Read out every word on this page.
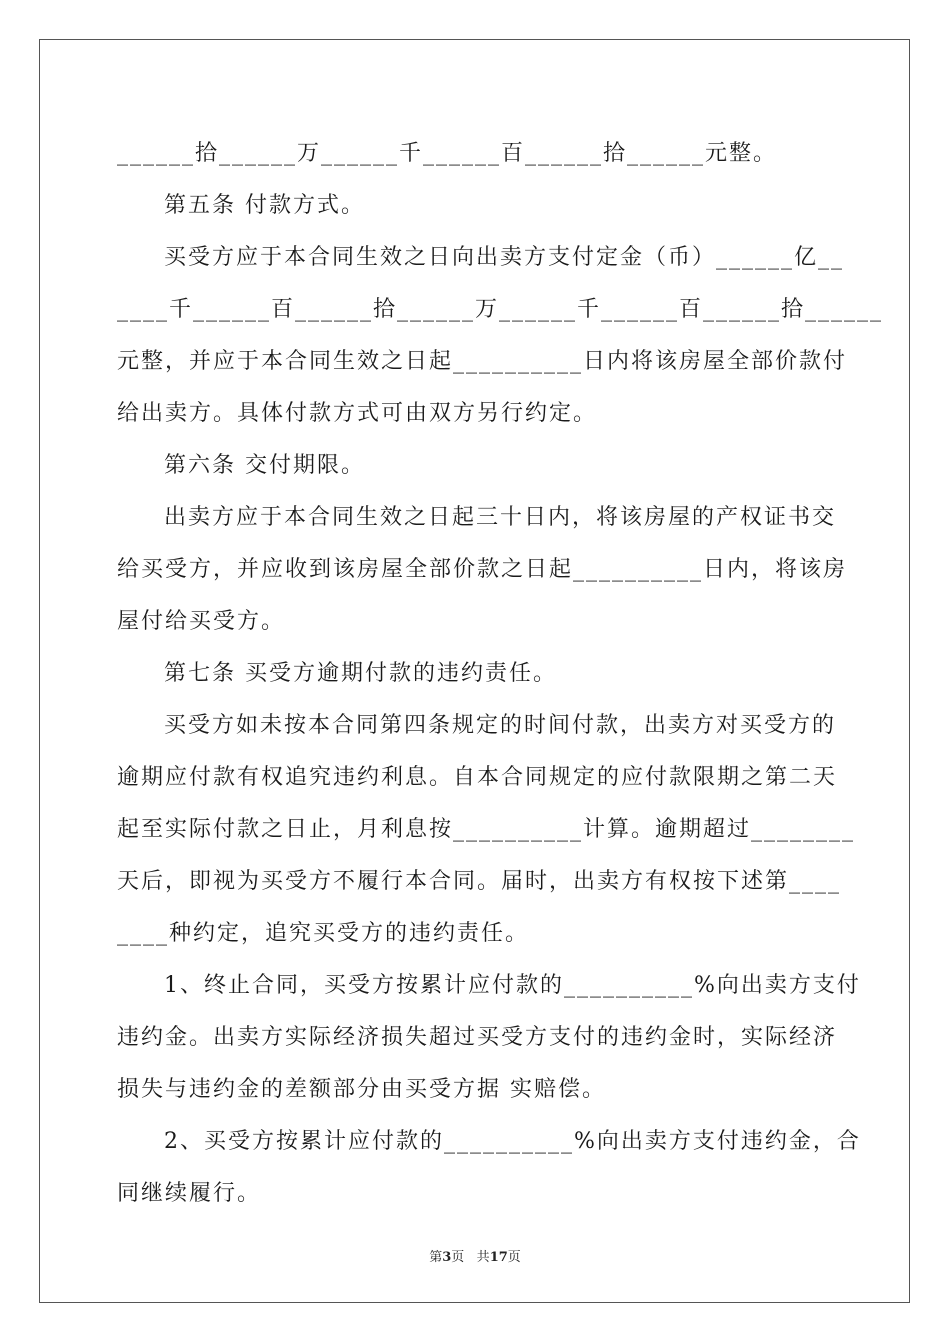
______拾______万______千______百______拾______元整。
第五条 付款方式。
买受方应于本合同生效之日向出卖方支付定金（币）______亿__
____千______百______拾______万______千______百______拾______
元整，并应于本合同生效之日起__________日内将该房屋全部价款付
给出卖方。具体付款方式可由双方另行约定。
第六条 交付期限。
出卖方应于本合同生效之日起三十日内，将该房屋的产权证书交
给买受方，并应收到该房屋全部价款之日起__________日内，将该房
屋付给买受方。
第七条 买受方逾期付款的违约责任。
买受方如未按本合同第四条规定的时间付款，出卖方对买受方的
逾期应付款有权追究违约利息。自本合同规定的应付款限期之第二天
起至实际付款之日止，月利息按__________计算。逾期超过________
天后，即视为买受方不履行本合同。届时，出卖方有权按下述第____
____种约定，追究买受方的违约责任。
1、终止合同，买受方按累计应付款的__________%向出卖方支付
违约金。出卖方实际经济损失超过买受方支付的违约金时，实际经济
损失与违约金的差额部分由买受方据 实赔偿。
2、买受方按累计应付款的__________%向出卖方支付违约金，合
同继续履行。
第3页 共17页
